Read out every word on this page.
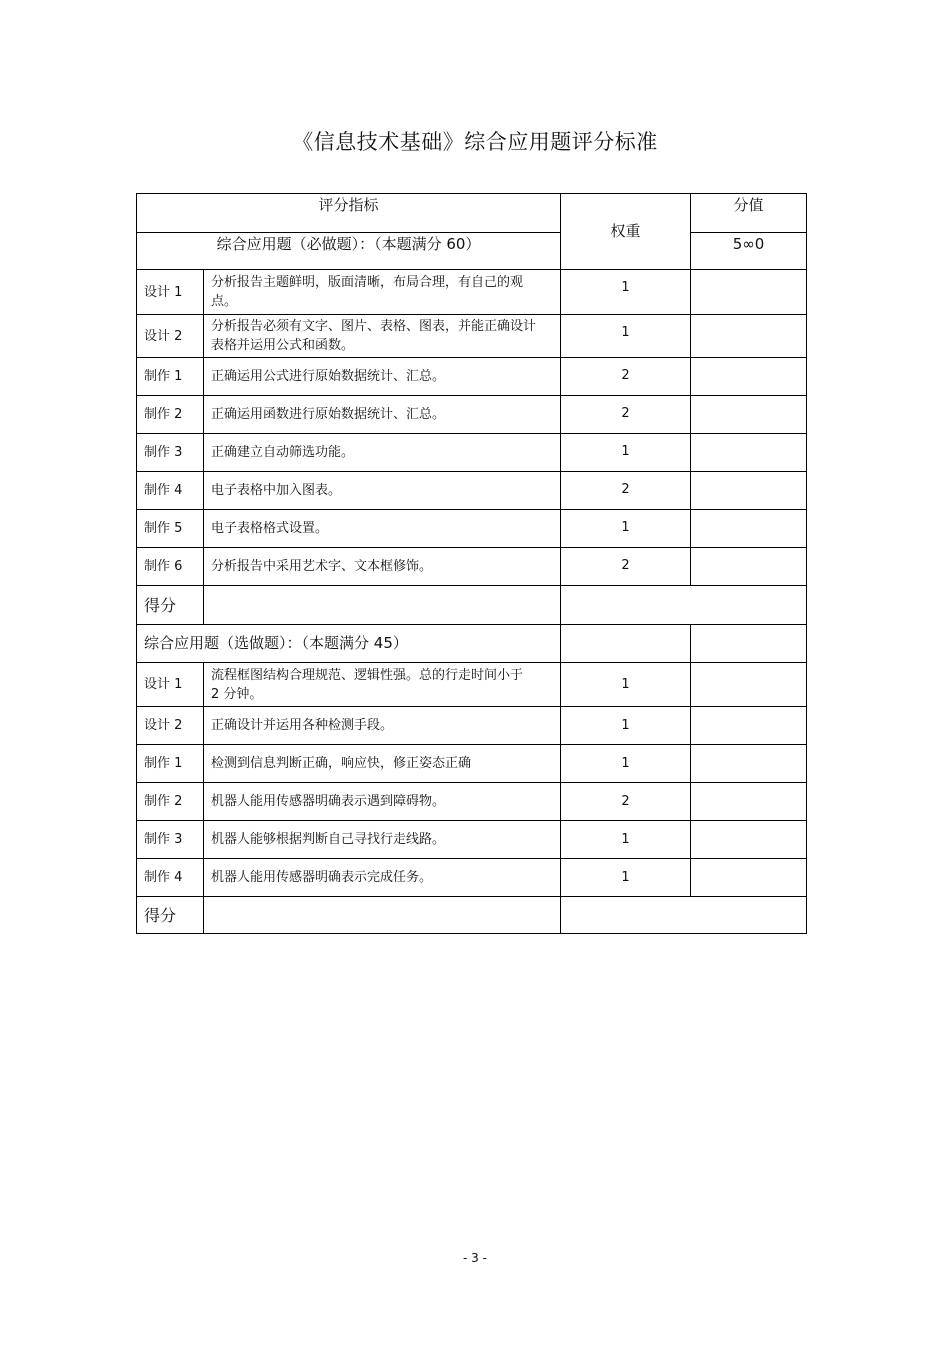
《信息技术基础》综合应用题评分标准
评分指标		权重	分值
综合应用题（必做题）：（本题满分 60）			5∞0
设计 1	分析报告主题鲜明，版面清晰，布局合理，有自己的观点。	1	
设计 2	分析报告必须有文字、图片、表格、图表，并能正确设计表格并运用公式和函数。	1	
制作 1	正确运用公式进行原始数据统计、汇总。	2	
制作 2	正确运用函数进行原始数据统计、汇总。	2	
制作 3	正确建立自动筛选功能。	1	
制作 4	电子表格中加入图表。	2	
制作 5	电子表格格式设置。	1	
制作 6	分析报告中采用艺术字、文本框修饰。	2	
得分			
综合应用题（选做题）：（本题满分 45）			
设计 1	流程框图结构合理规范、逻辑性强。总的行走时间小于　2 分钟。	1	
设计 2	正确设计并运用各种检测手段。	1	
制作 1	检测到信息判断正确，响应快，修正姿态正确	1	
制作 2	机器人能用传感器明确表示遇到障碍物。	2	
制作 3	机器人能够根据判断自己寻找行走线路。	1	
制作 4	机器人能用传感器明确表示完成任务。	1	
得分			
- 3 -
